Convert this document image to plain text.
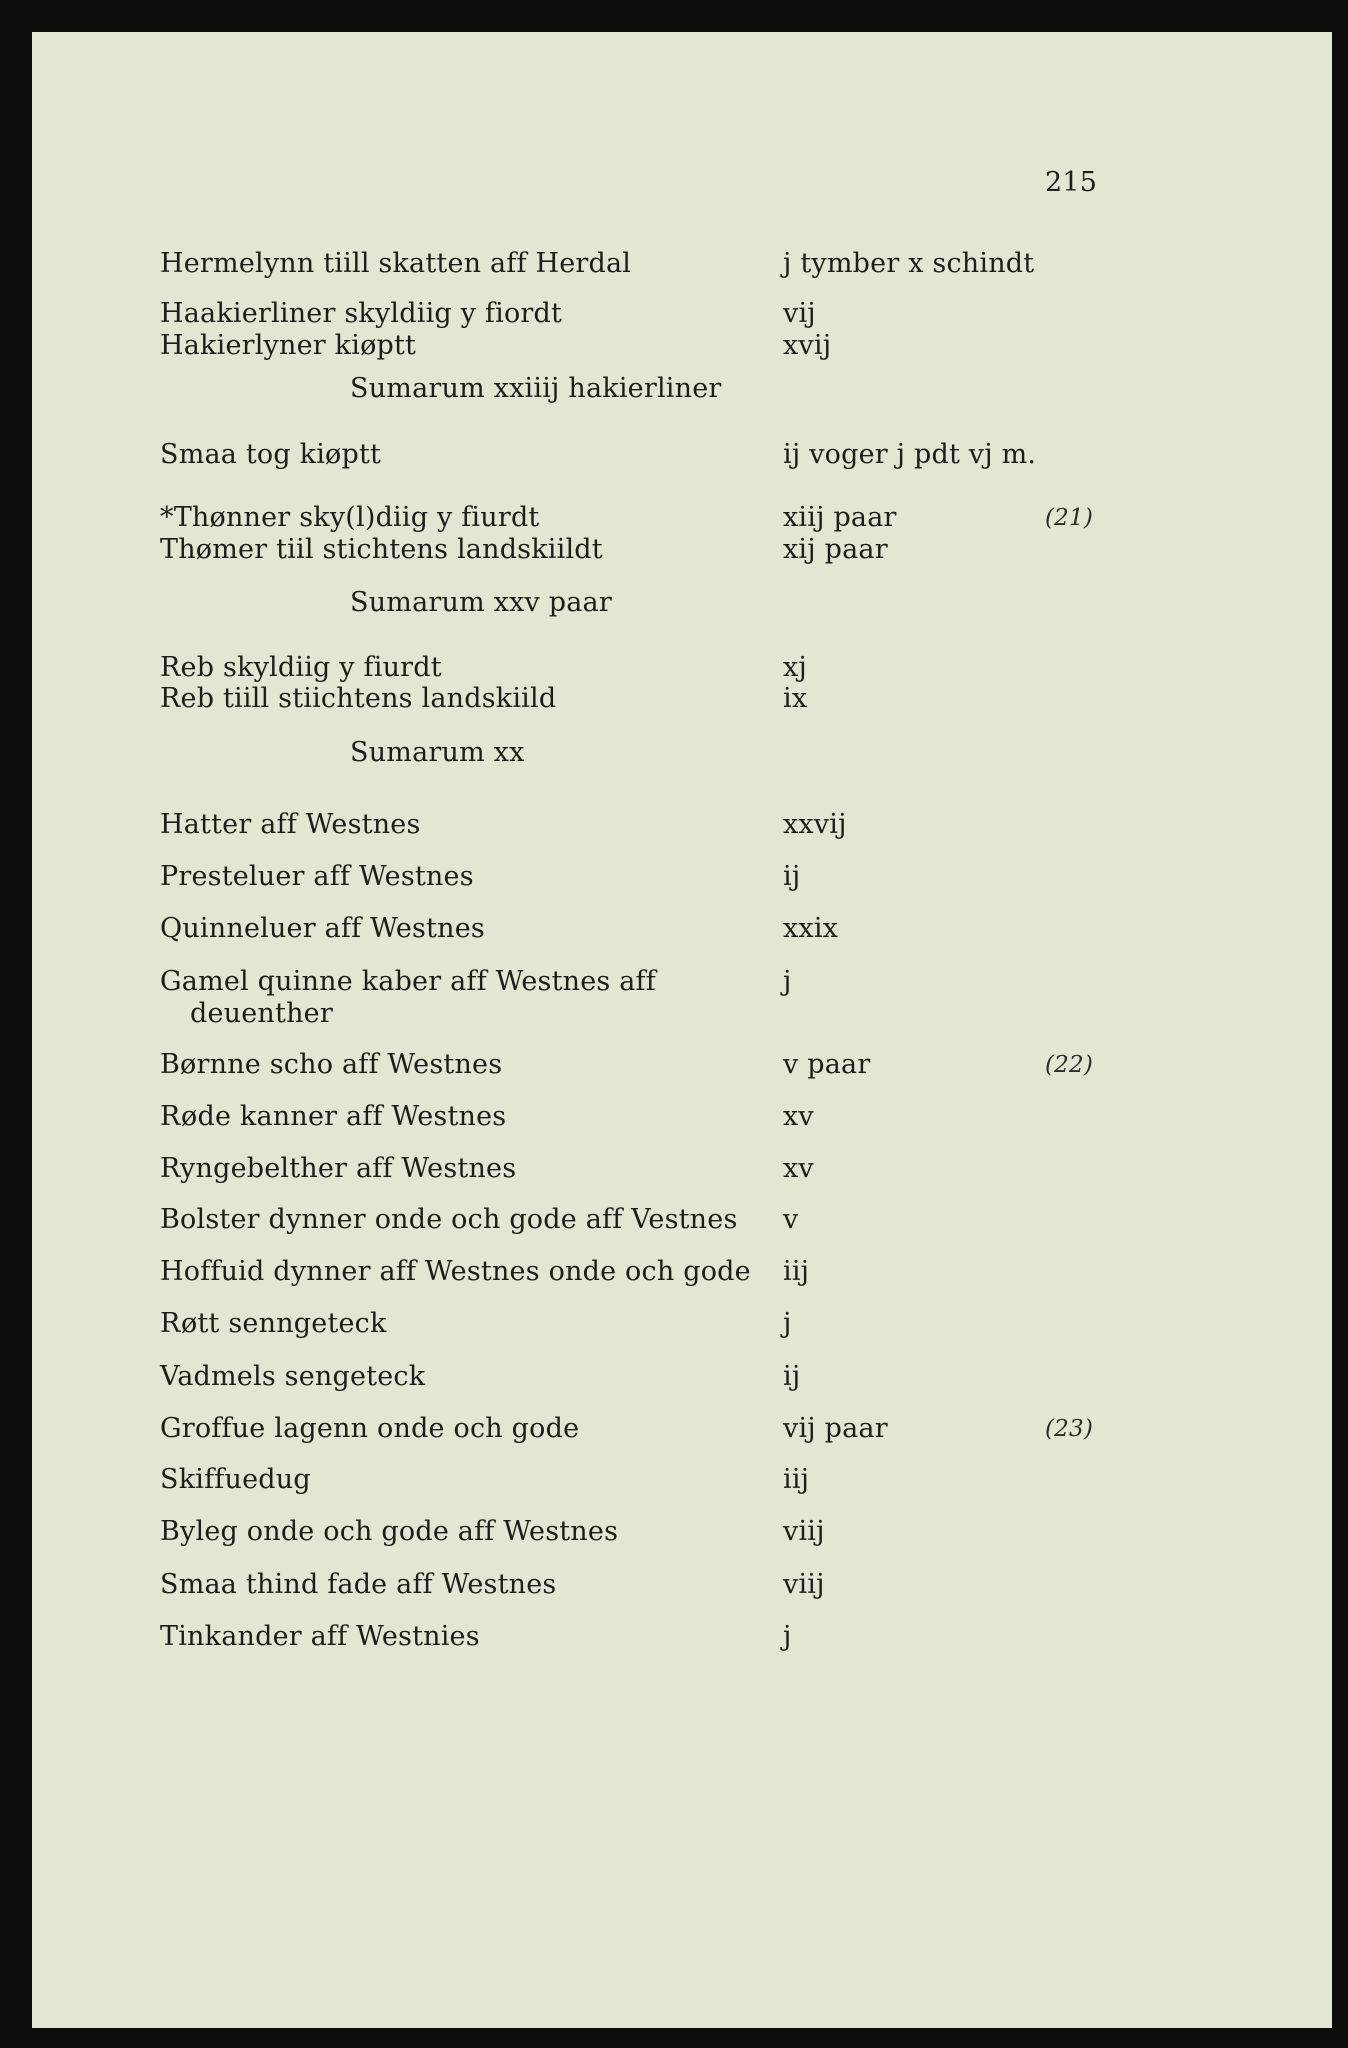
215
Hermelynn tiill skatten aff Herdal	j tymber x schindt
Haakierliner skyldiig y fiordt	vij
Hakierlyner kiøptt	xvij
Sumarum xxiiij hakierliner
Smaa tog kiøptt	ij voger j pdt vj m.
*Thønner sky(l)diig y fiurdt	xiij paar	(21)
Thømer tiil stichtens landskiildt	xij paar
Sumarum xxv paar
Reb skyldiig y fiurdt	xj
Reb tiill stiichtens landskiild	ix
Sumarum xx
Hatter aff Westnes	xxvij
Presteluer aff Westnes	ij
Quinneluer aff Westnes	xxix
Gamel quinne kaber aff Westnes aff	j
deuenther
Børnne scho aff Westnes	v paar	(22)
Røde kanner aff Westnes	xv
Ryngebelther aff Westnes	xv
Bolster dynner onde och gode aff Vestnes v
Hoffuid dynner aff Westnes onde och gode iij
Røtt senngeteck	j
Vadmels sengeteck	ij
Groffue lagenn onde och gode	vij paar	(23)
Skiffuedug	iij
Byleg onde och gode aff Westnes	viij
Smaa thind fade aff Westnes	viij
Tinkander aff Westnies	j
